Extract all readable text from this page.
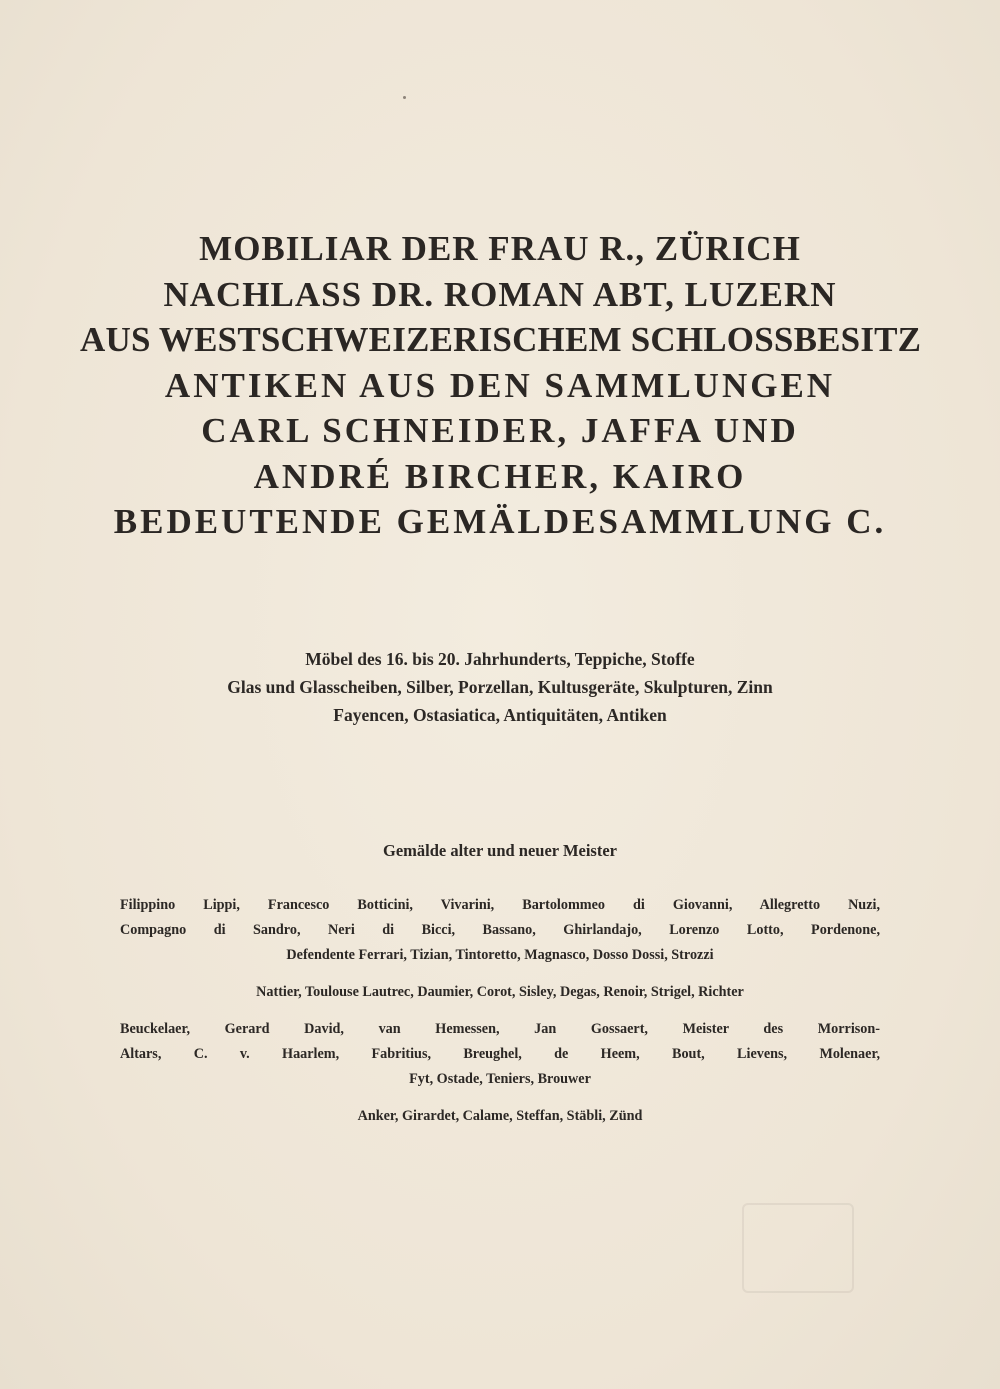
MOBILIAR DER FRAU R., ZÜRICH
NACHLASS DR. ROMAN ABT, LUZERN
AUS WESTSCHWEIZERISCHEM SCHLOSSBESITZ
ANTIKEN AUS DEN SAMMLUNGEN
CARL SCHNEIDER, JAFFA UND
ANDRÉ BIRCHER, KAIRO
BEDEUTENDE GEMÄLDESAMMLUNG C.
Möbel des 16. bis 20. Jahrhunderts, Teppiche, Stoffe
Glas und Glasscheiben, Silber, Porzellan, Kultusgeräte, Skulpturen, Zinn
Fayencen, Ostasiatica, Antiquitäten, Antiken
Gemälde alter und neuer Meister
Filippino Lippi, Francesco Botticini, Vivarini, Bartolommeo di Giovanni, Allegretto Nuzi,
Compagno di Sandro, Neri di Bicci, Bassano, Ghirlandajo, Lorenzo Lotto, Pordenone,
Defendente Ferrari, Tizian, Tintoretto, Magnasco, Dosso Dossi, Strozzi
Nattier, Toulouse Lautrec, Daumier, Corot, Sisley, Degas, Renoir, Strigel, Richter
Beuckelaer, Gerard David, van Hemessen, Jan Gossaert, Meister des Morrison-
Altars, C. v. Haarlem, Fabritius, Breughel, de Heem, Bout, Lievens, Molenaer,
Fyt, Ostade, Teniers, Brouwer
Anker, Girardet, Calame, Steffan, Stäbli, Zünd
